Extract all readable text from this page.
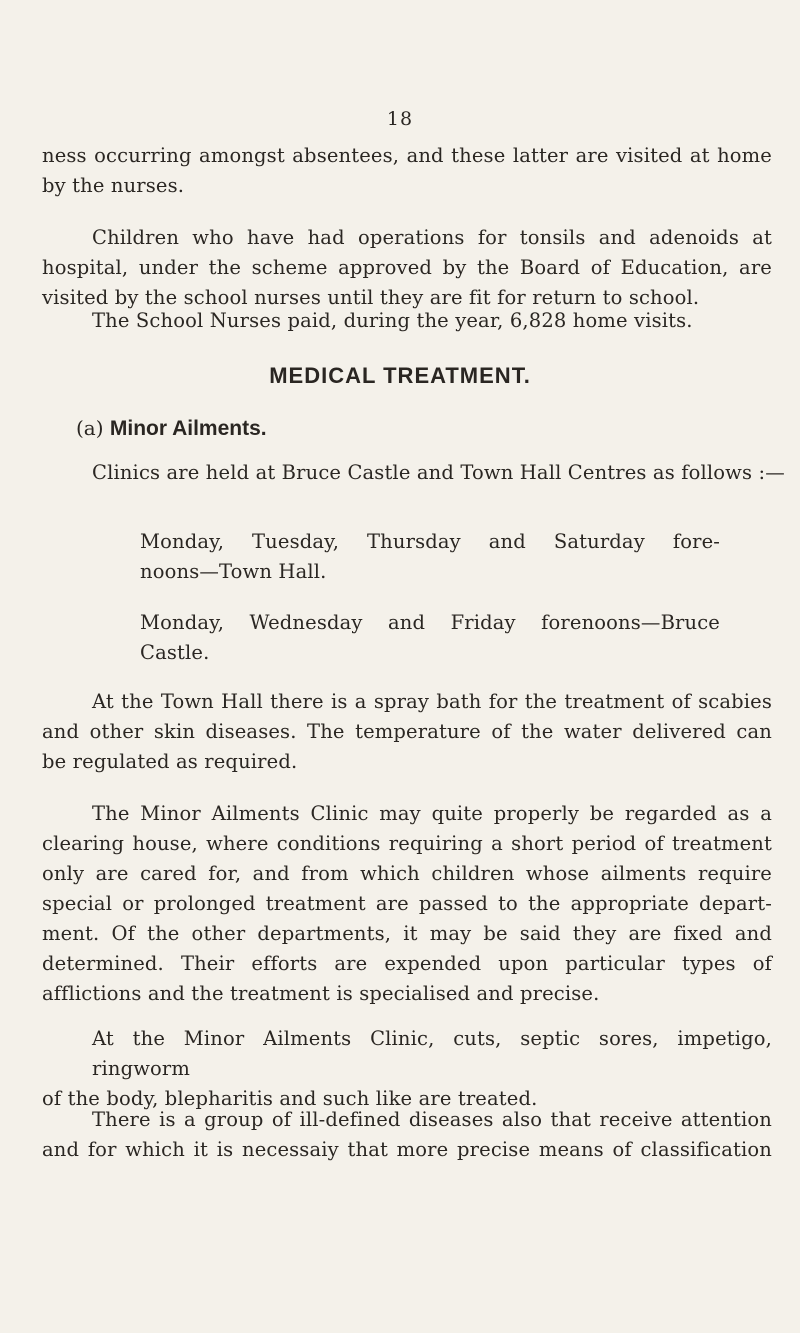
18
ness occurring amongst absentees, and these latter are visited at home
by the nurses.
Children who have had operations for tonsils and adenoids at
hospital, under the scheme approved by the Board of Education, are
visited by the school nurses until they are fit for return to school.
The School Nurses paid, during the year, 6,828 home visits.
MEDICAL TREATMENT.
(a) Minor Ailments.
Clinics are held at Bruce Castle and Town Hall Centres as follows :—
Monday, Tuesday, Thursday and Saturday fore-
noons—Town Hall.
Monday, Wednesday and Friday forenoons—Bruce
Castle.
At the Town Hall there is a spray bath for the treatment of scabies
and other skin diseases. The temperature of the water delivered can
be regulated as required.
The Minor Ailments Clinic may quite properly be regarded as a
clearing house, where conditions requiring a short period of treatment
only are cared for, and from which children whose ailments require
special or prolonged treatment are passed to the appropriate depart-
ment. Of the other departments, it may be said they are fixed and
determined. Their efforts are expended upon particular types of
afflictions and the treatment is specialised and precise.
At the Minor Ailments Clinic, cuts, septic sores, impetigo, ringworm
of the body, blepharitis and such like are treated.
There is a group of ill-defined diseases also that receive attention
and for which it is necessaiy that more precise means of classification
